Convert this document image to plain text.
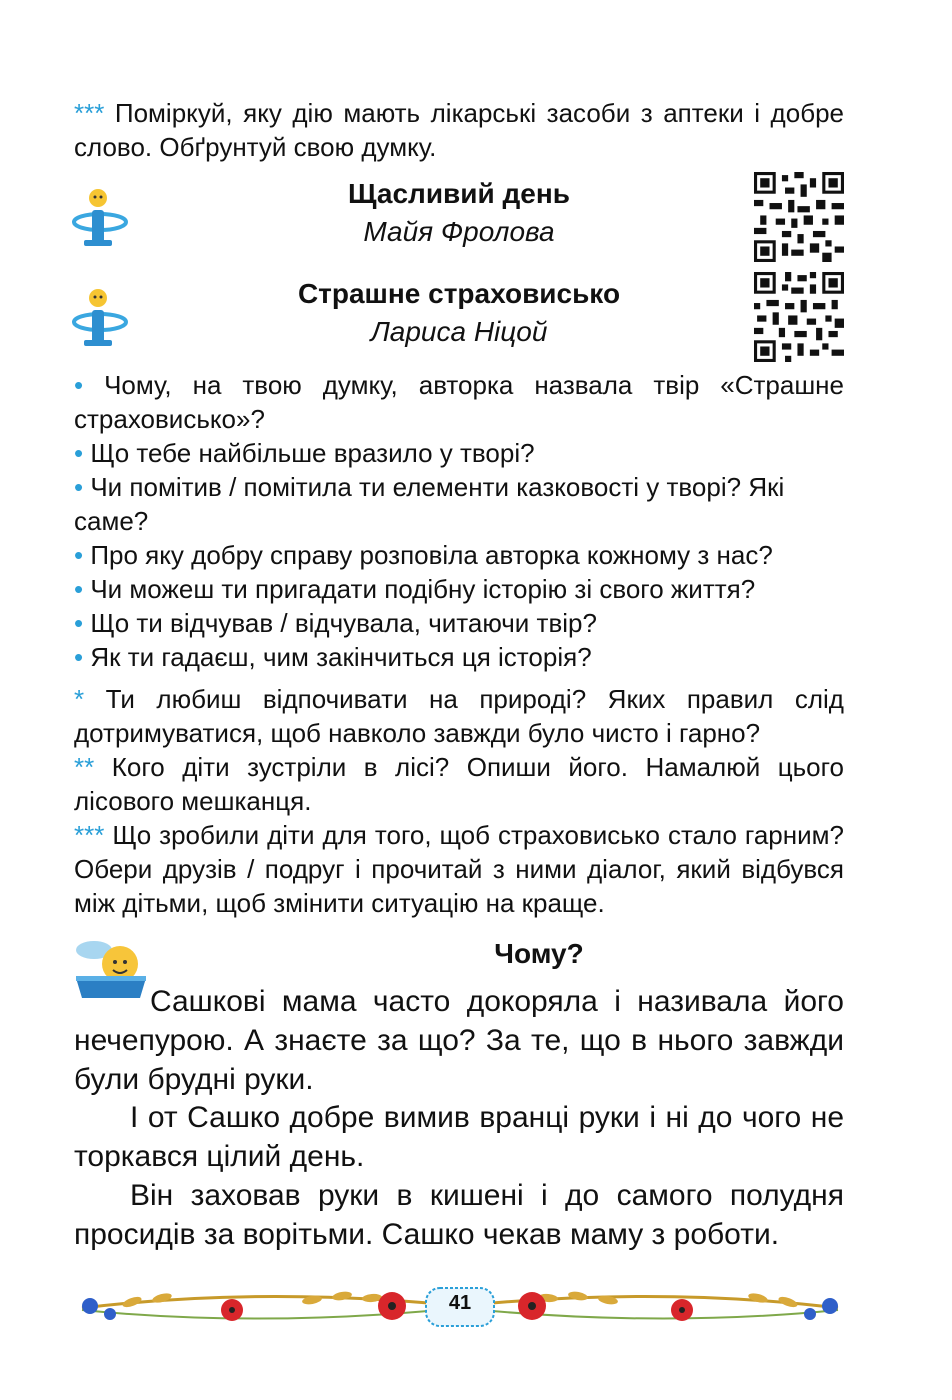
*** Поміркуй, яку дію мають лікарські засоби з аптеки і добре слово. Обґрунтуй свою думку.

Щасливий день
Майя Фролова
Страшне страховисько
Лариса Ніцой

• Чому, на твою думку, авторка назвала твір «Страшне страховисько»?

• Що тебе найбільше вразило у творі?

• Чи помітив / помітила ти елементи казковості у творі? Які саме?

• Про яку добру справу розповіла авторка кожному з нас?

• Чи можеш ти пригадати подібну історію зі свого життя?

• Що ти відчував / відчувала, читаючи твір?

• Як ти гадаєш, чим закінчиться ця історія?

* Ти любиш відпочивати на природі? Яких правил слід дотримуватися, щоб навколо завжди було чисто і гарно?

** Кого діти зустріли в лісі? Опиши його. Намалюй цього лісового мешканця.

*** Що зробили діти для того, щоб страховисько стало гарним? Обери друзів / подруг і прочитай з ними діалог, який відбувся між дітьми, щоб змінити ситуацію на краще.

Чому?

Сашкові мама часто докоряла і називала його нечепурою. А знаєте за що? За те, що в нього завжди були брудні руки.

І от Сашко добре вимив вранці руки і ні до чого не торкався цілий день.

Він заховав руки в кишені і до самого полудня просидів за ворітьми. Сашко чекав маму з роботи.

41
